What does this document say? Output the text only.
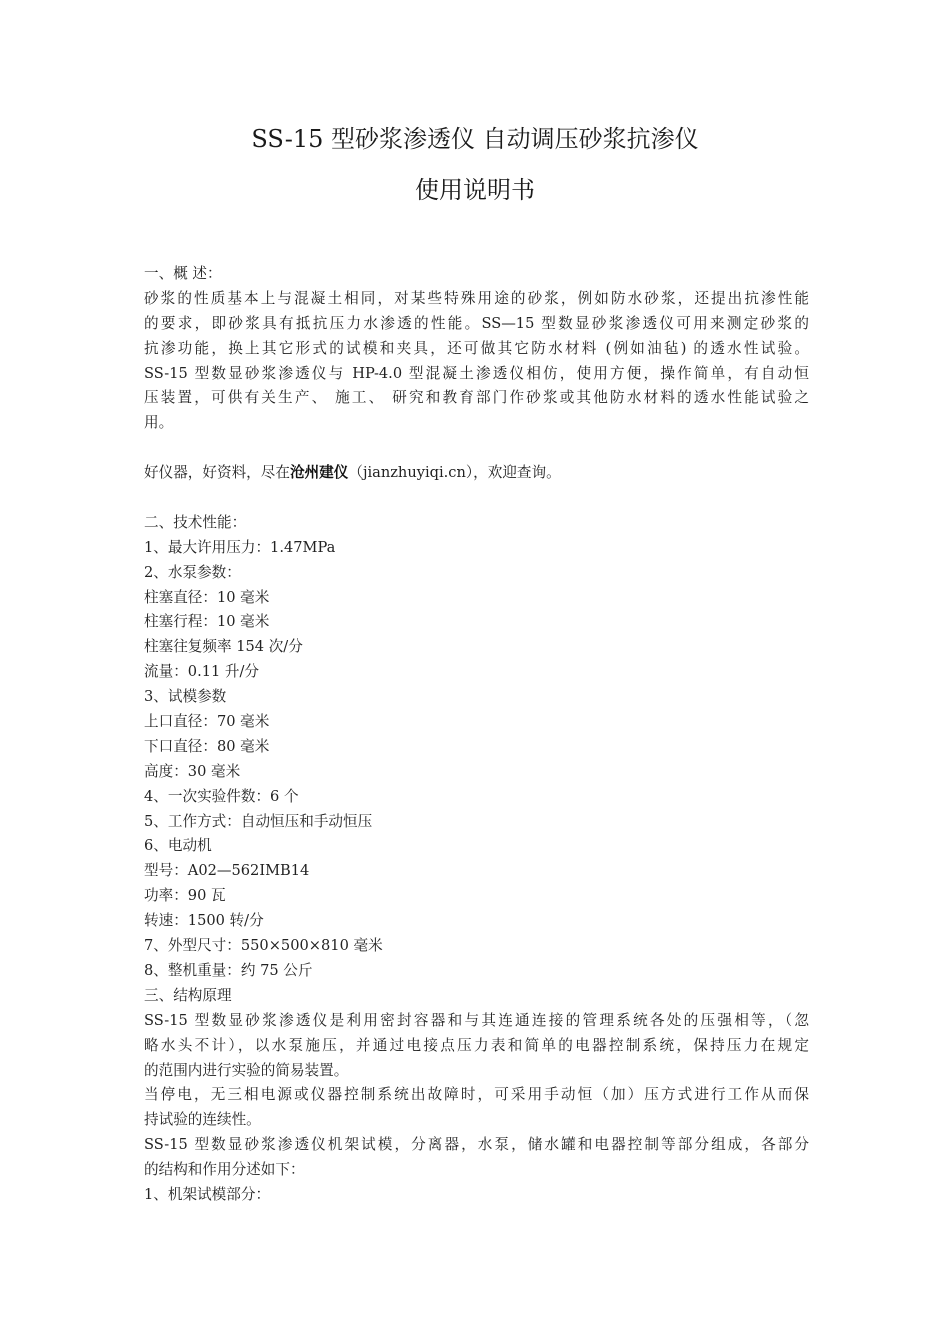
SS-15 型砂浆渗透仪 自动调压砂浆抗渗仪
使用说明书
一、概 述：
砂浆的性质基本上与混凝土相同，对某些特殊用途的砂浆，例如防水砂浆，还提出抗渗性能
的要求，即砂浆具有抵抗压力水渗透的性能。SS—15 型数显砂浆渗透仪可用来测定砂浆的
抗渗功能，换上其它形式的试模和夹具，还可做其它防水材料 (例如油毡) 的透水性试验。
SS-15 型数显砂浆渗透仪与 HP-4.0 型混凝土渗透仪相仿，使用方便，操作简单，有自动恒
压装置，可供有关生产、 施工、 研究和教育部门作砂浆或其他防水材料的透水性能试验之
用。
好仪器，好资料，尽在沧州建仪（jianzhuyiqi.cn），欢迎查询。
二、技术性能：
1、最大许用压力：1.47MPa
2、水泵参数：
柱塞直径：10 毫米
柱塞行程：10 毫米
柱塞往复频率 154 次/分
流量：0.11 升/分
3、试模参数
上口直径：70 毫米
下口直径：80 毫米
高度：30 毫米
4、一次实验件数：6 个
5、工作方式：自动恒压和手动恒压
6、电动机
型号：A02—562IMB14
功率：90 瓦
转速：1500 转/分
7、外型尺寸：550×500×810 毫米
8、整机重量：约 75 公斤
三、结构原理
SS-15 型数显砂浆渗透仪是利用密封容器和与其连通连接的管理系统各处的压强相等，（忽
略水头不计），以水泵施压，并通过电接点压力表和简单的电器控制系统，保持压力在规定
的范围内进行实验的简易装置。
当停电，无三相电源或仪器控制系统出故障时，可采用手动恒（加）压方式进行工作从而保
持试验的连续性。
SS-15 型数显砂浆渗透仪机架试模，分离器，水泵，储水罐和电器控制等部分组成，各部分
的结构和作用分述如下：
1、机架试模部分：
